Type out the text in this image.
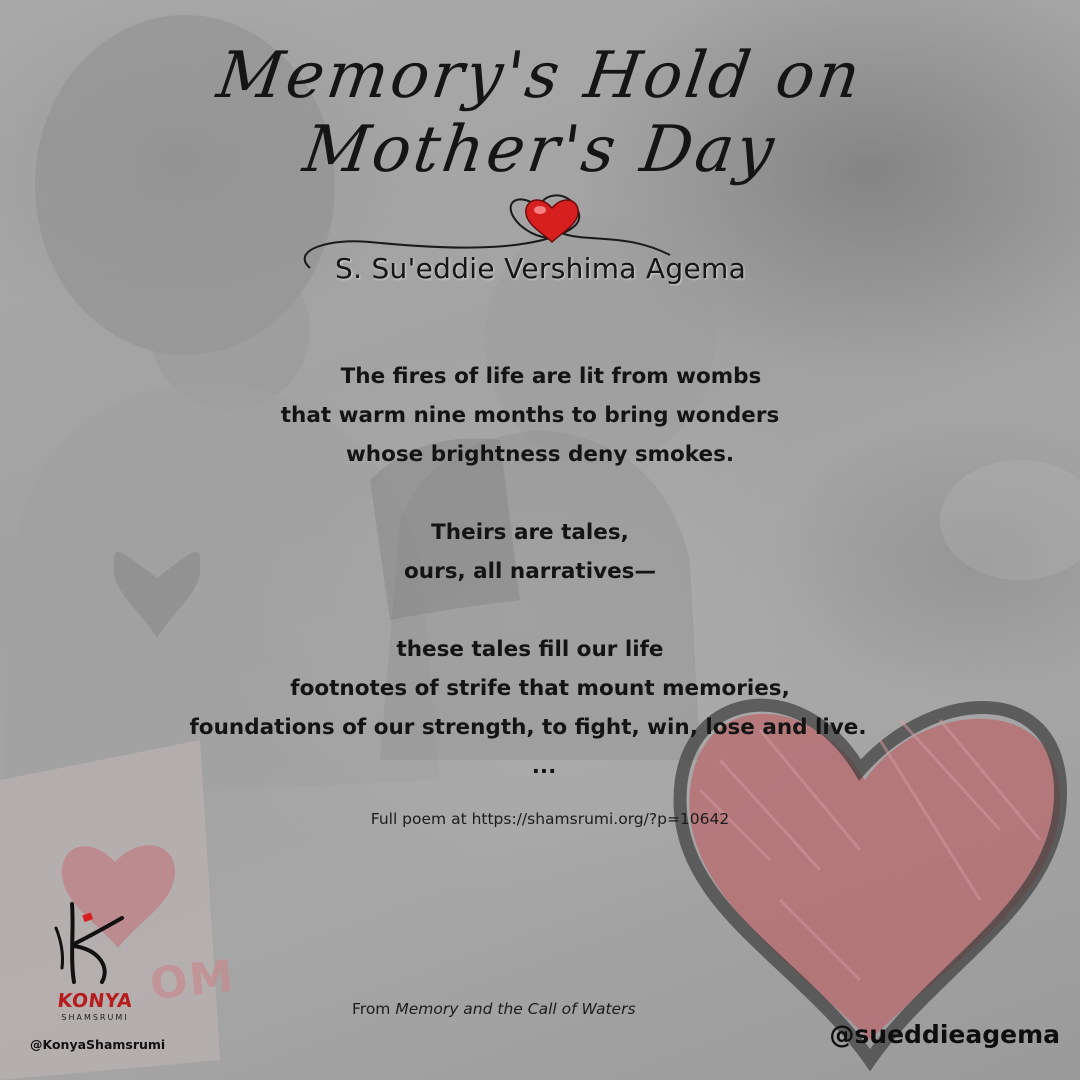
Memory's Hold on
Mother's Day
S. Su'eddie Vershima Agema
The fires of life are lit from wombs
that warm nine months to bring wonders
whose brightness deny smokes.
Theirs are tales,
ours, all narratives—
these tales fill our life
footnotes of strife that mount memories,
foundations of our strength, to fight, win, lose and live.
...
Full poem at https://shamsrumi.org/?p=10642
KONYA
SHAMSRUMI
@KonyaShamsrumi
From Memory and the Call of Waters
@sueddieagema
OM
